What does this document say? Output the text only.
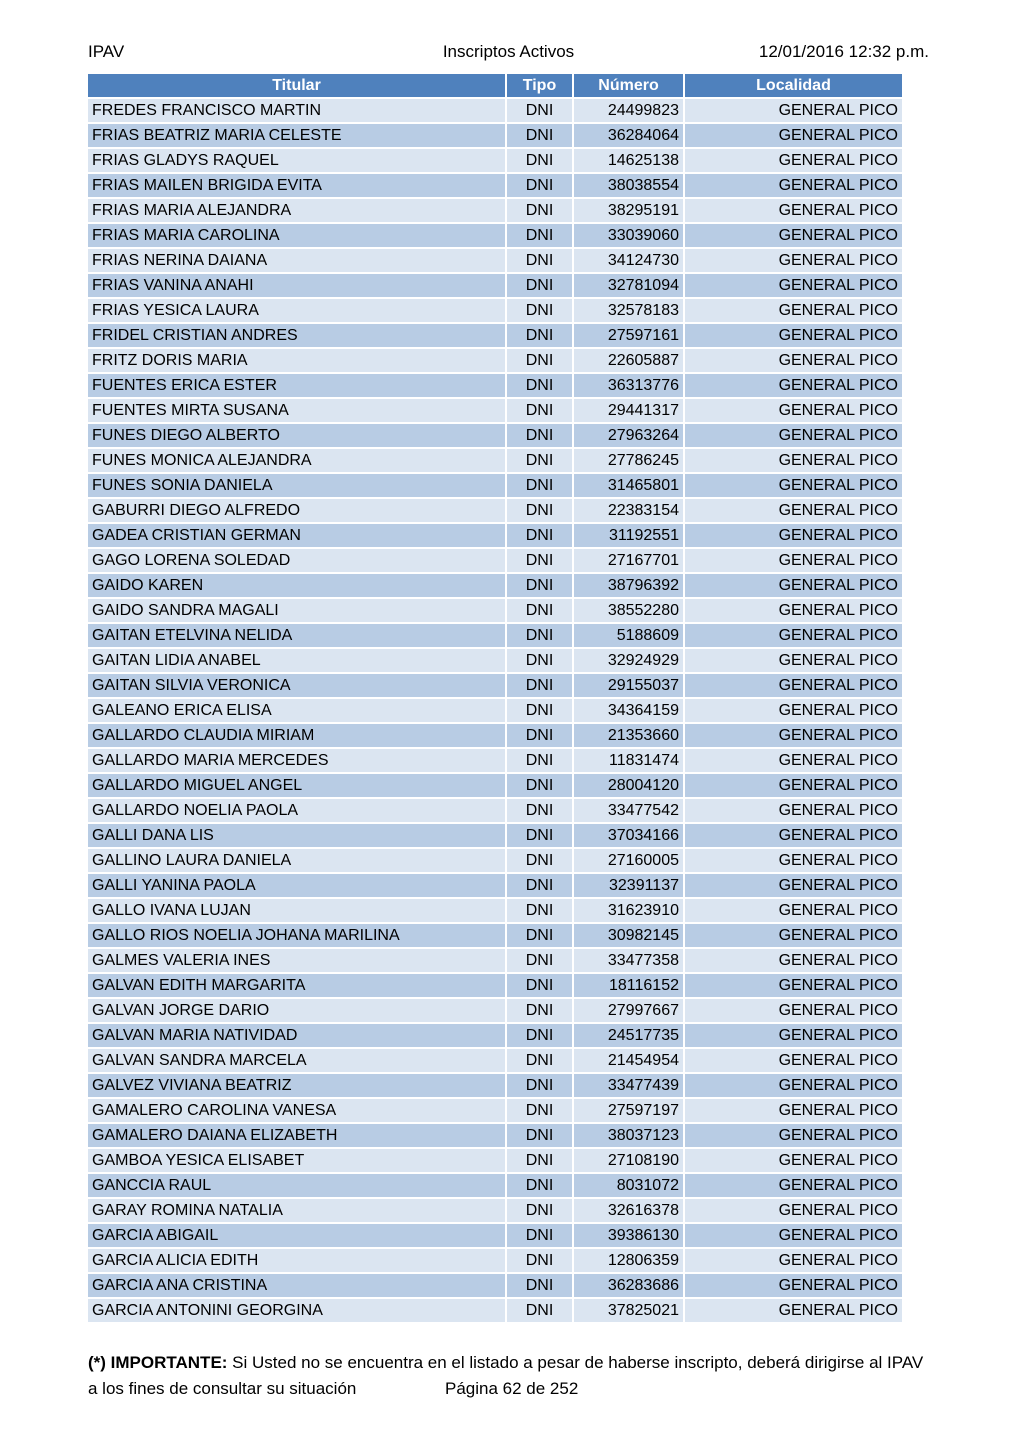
IPAV	Inscriptos Activos	12/01/2016 12:32 p.m.
Titular	Tipo	Número	Localidad
FREDES FRANCISCO MARTIN	DNI	24499823	GENERAL PICO
FRIAS BEATRIZ MARIA CELESTE	DNI	36284064	GENERAL PICO
FRIAS GLADYS RAQUEL	DNI	14625138	GENERAL PICO
FRIAS MAILEN BRIGIDA EVITA	DNI	38038554	GENERAL PICO
FRIAS MARIA ALEJANDRA	DNI	38295191	GENERAL PICO
FRIAS MARIA CAROLINA	DNI	33039060	GENERAL PICO
FRIAS NERINA DAIANA	DNI	34124730	GENERAL PICO
FRIAS VANINA ANAHI	DNI	32781094	GENERAL PICO
FRIAS YESICA LAURA	DNI	32578183	GENERAL PICO
FRIDEL CRISTIAN ANDRES	DNI	27597161	GENERAL PICO
FRITZ DORIS MARIA	DNI	22605887	GENERAL PICO
FUENTES ERICA ESTER	DNI	36313776	GENERAL PICO
FUENTES MIRTA SUSANA	DNI	29441317	GENERAL PICO
FUNES DIEGO ALBERTO	DNI	27963264	GENERAL PICO
FUNES MONICA ALEJANDRA	DNI	27786245	GENERAL PICO
FUNES SONIA DANIELA	DNI	31465801	GENERAL PICO
GABURRI DIEGO ALFREDO	DNI	22383154	GENERAL PICO
GADEA CRISTIAN GERMAN	DNI	31192551	GENERAL PICO
GAGO LORENA SOLEDAD	DNI	27167701	GENERAL PICO
GAIDO KAREN	DNI	38796392	GENERAL PICO
GAIDO SANDRA MAGALI	DNI	38552280	GENERAL PICO
GAITAN ETELVINA NELIDA	DNI	5188609	GENERAL PICO
GAITAN LIDIA ANABEL	DNI	32924929	GENERAL PICO
GAITAN SILVIA VERONICA	DNI	29155037	GENERAL PICO
GALEANO ERICA ELISA	DNI	34364159	GENERAL PICO
GALLARDO CLAUDIA MIRIAM	DNI	21353660	GENERAL PICO
GALLARDO MARIA MERCEDES	DNI	11831474	GENERAL PICO
GALLARDO MIGUEL ANGEL	DNI	28004120	GENERAL PICO
GALLARDO NOELIA PAOLA	DNI	33477542	GENERAL PICO
GALLI DANA LIS	DNI	37034166	GENERAL PICO
GALLINO LAURA DANIELA	DNI	27160005	GENERAL PICO
GALLI YANINA PAOLA	DNI	32391137	GENERAL PICO
GALLO IVANA LUJAN	DNI	31623910	GENERAL PICO
GALLO RIOS NOELIA JOHANA MARILINA	DNI	30982145	GENERAL PICO
GALMES VALERIA INES	DNI	33477358	GENERAL PICO
GALVAN EDITH MARGARITA	DNI	18116152	GENERAL PICO
GALVAN JORGE DARIO	DNI	27997667	GENERAL PICO
GALVAN MARIA NATIVIDAD	DNI	24517735	GENERAL PICO
GALVAN SANDRA MARCELA	DNI	21454954	GENERAL PICO
GALVEZ VIVIANA BEATRIZ	DNI	33477439	GENERAL PICO
GAMALERO CAROLINA VANESA	DNI	27597197	GENERAL PICO
GAMALERO DAIANA ELIZABETH	DNI	38037123	GENERAL PICO
GAMBOA YESICA ELISABET	DNI	27108190	GENERAL PICO
GANCCIA RAUL	DNI	8031072	GENERAL PICO
GARAY ROMINA NATALIA	DNI	32616378	GENERAL PICO
GARCIA ABIGAIL	DNI	39386130	GENERAL PICO
GARCIA ALICIA EDITH	DNI	12806359	GENERAL PICO
GARCIA ANA CRISTINA	DNI	36283686	GENERAL PICO
GARCIA ANTONINI GEORGINA	DNI	37825021	GENERAL PICO
(*) IMPORTANTE: Si Usted no se encuentra en el listado a pesar de haberse inscripto, deberá dirigirse al IPAV
a los fines de consultar su situación	Página 62 de 252
